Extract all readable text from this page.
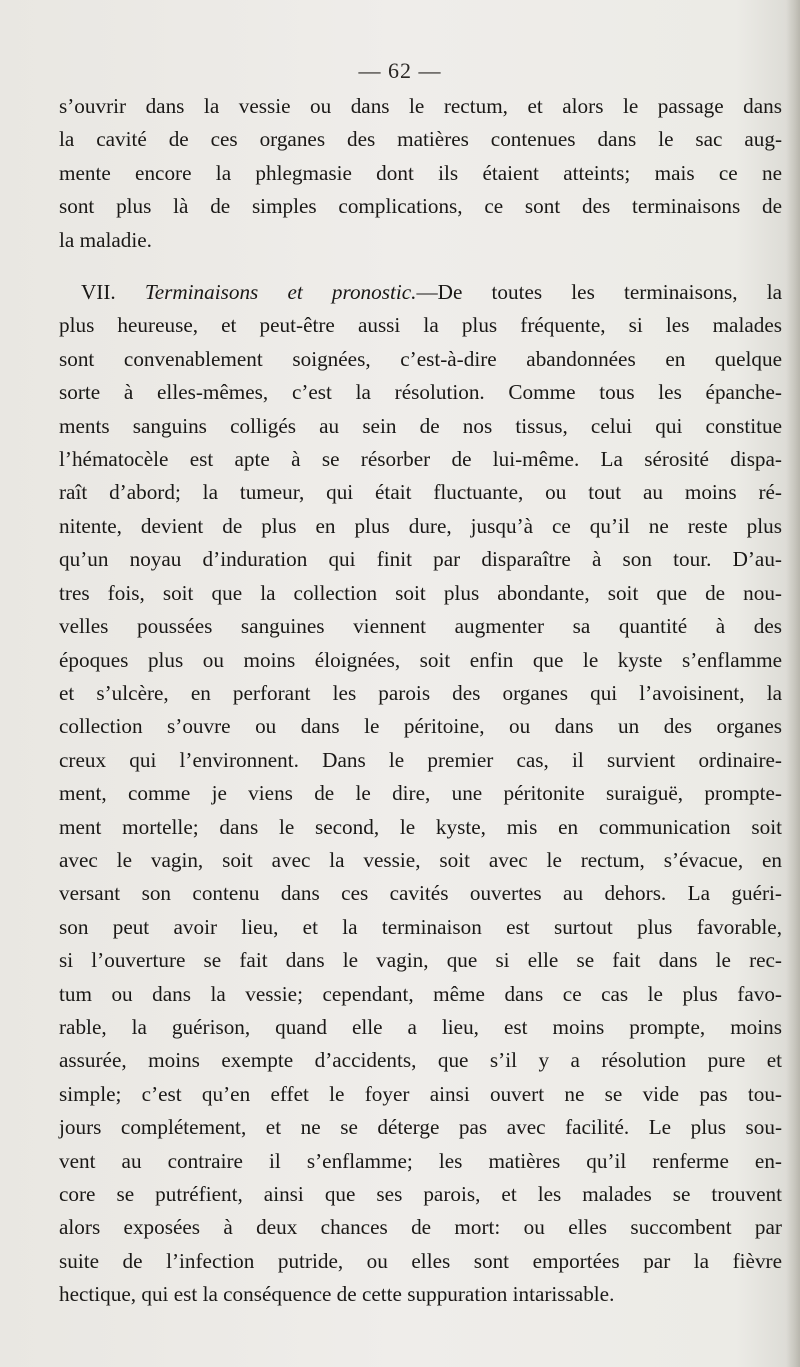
— 62 —
s’ouvrir dans la vessie ou dans le rectum, et alors le passage dans
la cavité de ces organes des matières contenues dans le sac aug-
mente encore la phlegmasie dont ils étaient atteints; mais ce ne
sont plus là de simples complications, ce sont des terminaisons de
la maladie.
VII. Terminaisons et pronostic.—De toutes les terminaisons, la
plus heureuse, et peut-être aussi la plus fréquente, si les malades
sont convenablement soignées, c’est-à-dire abandonnées en quelque
sorte à elles-mêmes, c’est la résolution. Comme tous les épanche-
ments sanguins colligés au sein de nos tissus, celui qui constitue
l’hématocèle est apte à se résorber de lui-même. La sérosité dispa-
raît d’abord; la tumeur, qui était fluctuante, ou tout au moins ré-
nitente, devient de plus en plus dure, jusqu’à ce qu’il ne reste plus
qu’un noyau d’induration qui finit par disparaître à son tour. D’au-
tres fois, soit que la collection soit plus abondante, soit que de nou-
velles poussées sanguines viennent augmenter sa quantité à des
époques plus ou moins éloignées, soit enfin que le kyste s’enflamme
et s’ulcère, en perforant les parois des organes qui l’avoisinent, la
collection s’ouvre ou dans le péritoine, ou dans un des organes
creux qui l’environnent. Dans le premier cas, il survient ordinaire-
ment, comme je viens de le dire, une péritonite suraiguë, prompte-
ment mortelle; dans le second, le kyste, mis en communication soit
avec le vagin, soit avec la vessie, soit avec le rectum, s’évacue, en
versant son contenu dans ces cavités ouvertes au dehors. La guéri-
son peut avoir lieu, et la terminaison est surtout plus favorable,
si l’ouverture se fait dans le vagin, que si elle se fait dans le rec-
tum ou dans la vessie; cependant, même dans ce cas le plus favo-
rable, la guérison, quand elle a lieu, est moins prompte, moins
assurée, moins exempte d’accidents, que s’il y a résolution pure et
simple; c’est qu’en effet le foyer ainsi ouvert ne se vide pas tou-
jours complétement, et ne se déterge pas avec facilité. Le plus sou-
vent au contraire il s’enflamme; les matières qu’il renferme en-
core se putréfient, ainsi que ses parois, et les malades se trouvent
alors exposées à deux chances de mort: ou elles succombent par
suite de l’infection putride, ou elles sont emportées par la fièvre
hectique, qui est la conséquence de cette suppuration intarissable.
